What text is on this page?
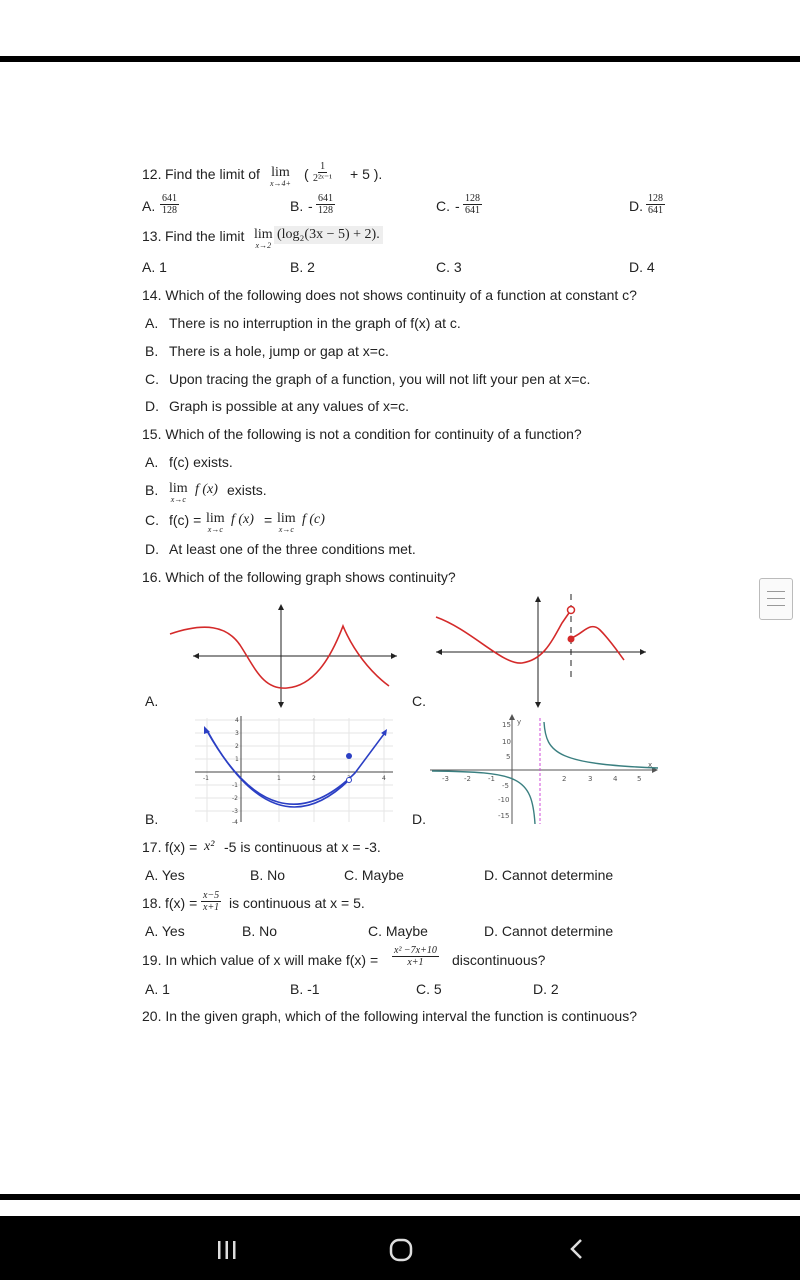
12. Find the limit of lim
x→4+
( $\frac{1}{\text{2²ˣ⁻¹}} + 5$ ).
A. $\frac{641}{128}$	B. - $\frac{641}{128}$	C. - $\frac{128}{641}$	D. $\frac{128}{641}$
13. Find the limit lim
x→2
(log₂(3x − 5) + 2).
A. 1	B. 2	C. 3	D. 4
14. Which of the following does not shows continuity of a function at constant c?
A. There is no interruption in the graph of f(x) at c.
B. There is a hole, jump or gap at x=c.
C. Upon tracing the graph of a function, you will not lift your pen at x=c.
D. Graph is possible at any values of x=c.
15. Which of the following is not a condition for continuity of a function?
A. f(c) exists.
B. lim
x→c
f (x) exists.
C. f(c) = lim
x→c
f (x) = lim
x→c
f (c)
D. At least one of the three conditions met.
16. Which of the following graph shows continuity?
A.	C.
-1	1	2	4
4
3
2
1
-1
-2
-3
-4
B.
-3 -2 -1	2	3	4	5
15
10
5
-5
-10
-15
y
x
D.
17. f(x) = x² -5 is continuous at x = -3.
A. Yes	B. No	C. Maybe	D. Cannot determine
18. $f(x) = \frac{x-5}{x+1}$ is continuous at x = 5.
A. Yes	B. No	C. Maybe	D. Cannot determine
19. In which value of x will make $f(x) = \frac{\text{x² −7x+10}}{x+1}$ discontinuous?
A. 1	B. -1	C. 5	D. 2
20. In the given graph, which of the following interval the function is continuous?
